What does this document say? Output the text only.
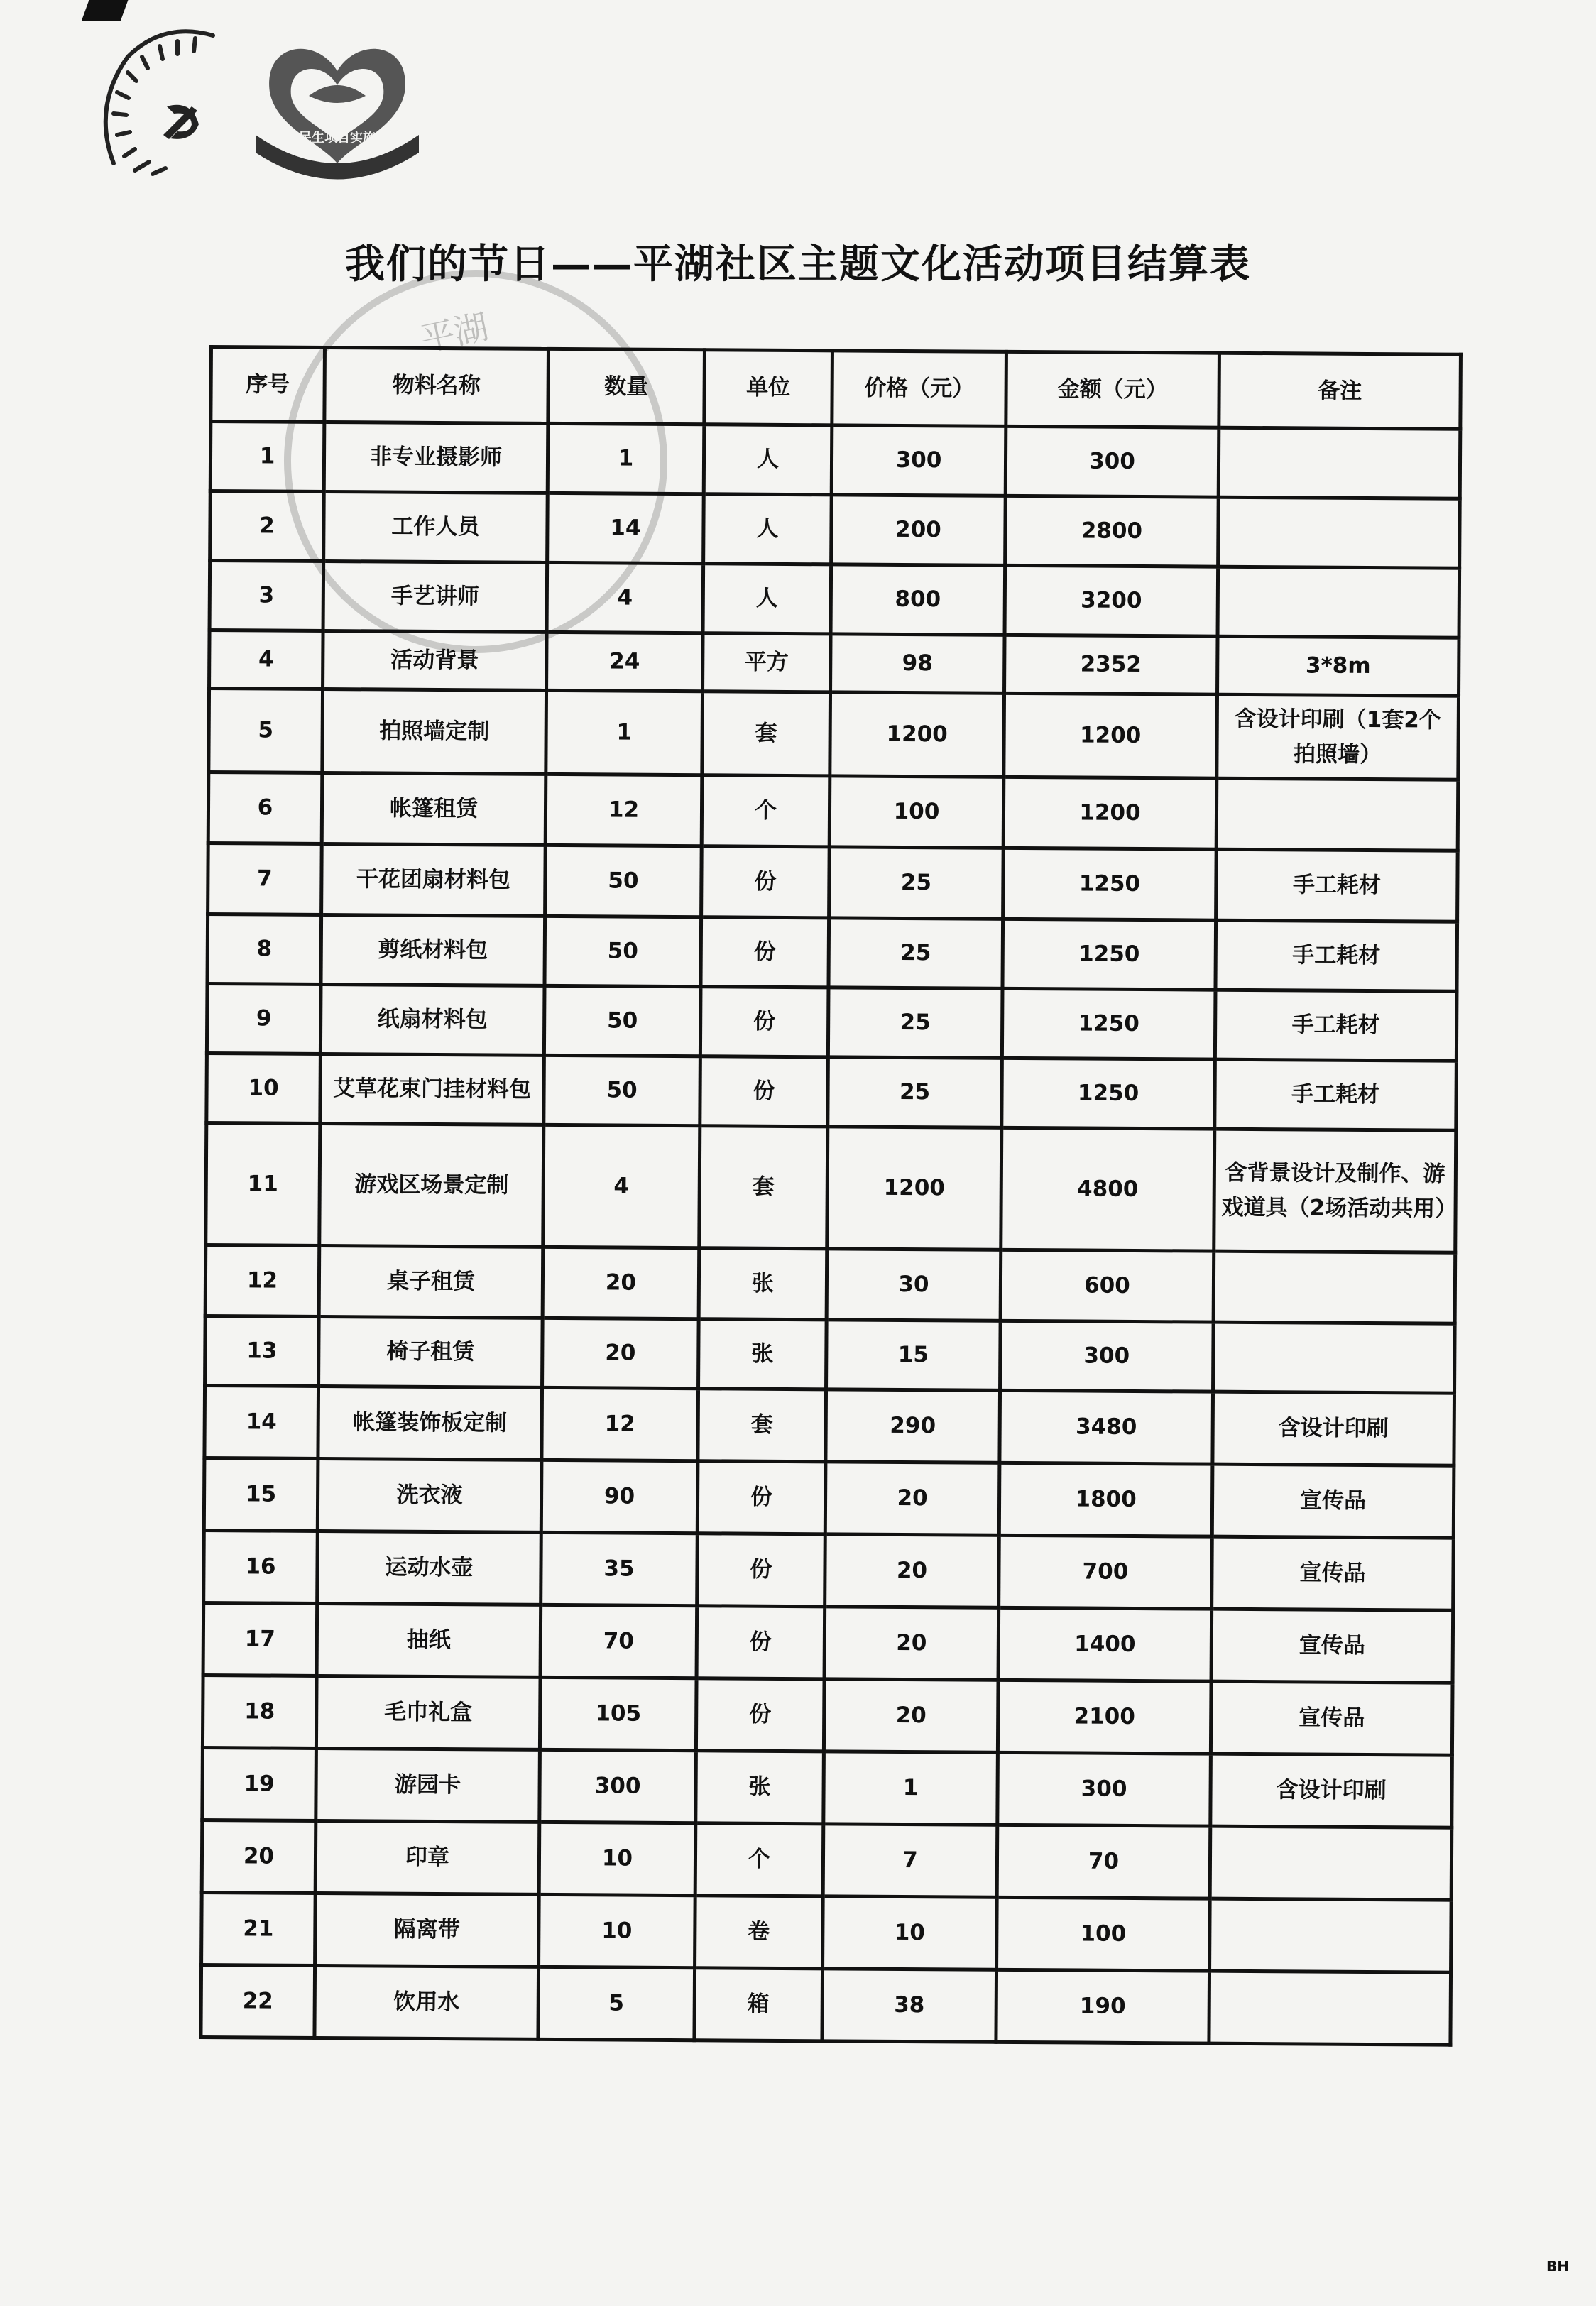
民生项目实施
平湖
我们的节日——平湖社区主题文化活动项目结算表
序号	物料名称	数量	单位	价格（元）	金额（元）	备注
1	非专业摄影师	1	人	300	300	
2	工作人员	14	人	200	2800	
3	手艺讲师	4	人	800	3200	
4	活动背景	24	平方	98	2352	3*8m
5	拍照墙定制	1	套	1200	1200	含设计印刷（1套2个拍照墙）
6	帐篷租赁	12	个	100	1200	
7	干花团扇材料包	50	份	25	1250	手工耗材
8	剪纸材料包	50	份	25	1250	手工耗材
9	纸扇材料包	50	份	25	1250	手工耗材
10	艾草花束门挂材料包	50	份	25	1250	手工耗材
11	游戏区场景定制	4	套	1200	4800	含背景设计及制作、游戏道具（2场活动共用）
12	桌子租赁	20	张	30	600	
13	椅子租赁	20	张	15	300	
14	帐篷装饰板定制	12	套	290	3480	含设计印刷
15	洗衣液	90	份	20	1800	宣传品
16	运动水壶	35	份	20	700	宣传品
17	抽纸	70	份	20	1400	宣传品
18	毛巾礼盒	105	份	20	2100	宣传品
19	游园卡	300	张	1	300	含设计印刷
20	印章	10	个	7	70	
21	隔离带	10	卷	10	100	
22	饮用水	5	箱	38	190	
BH
